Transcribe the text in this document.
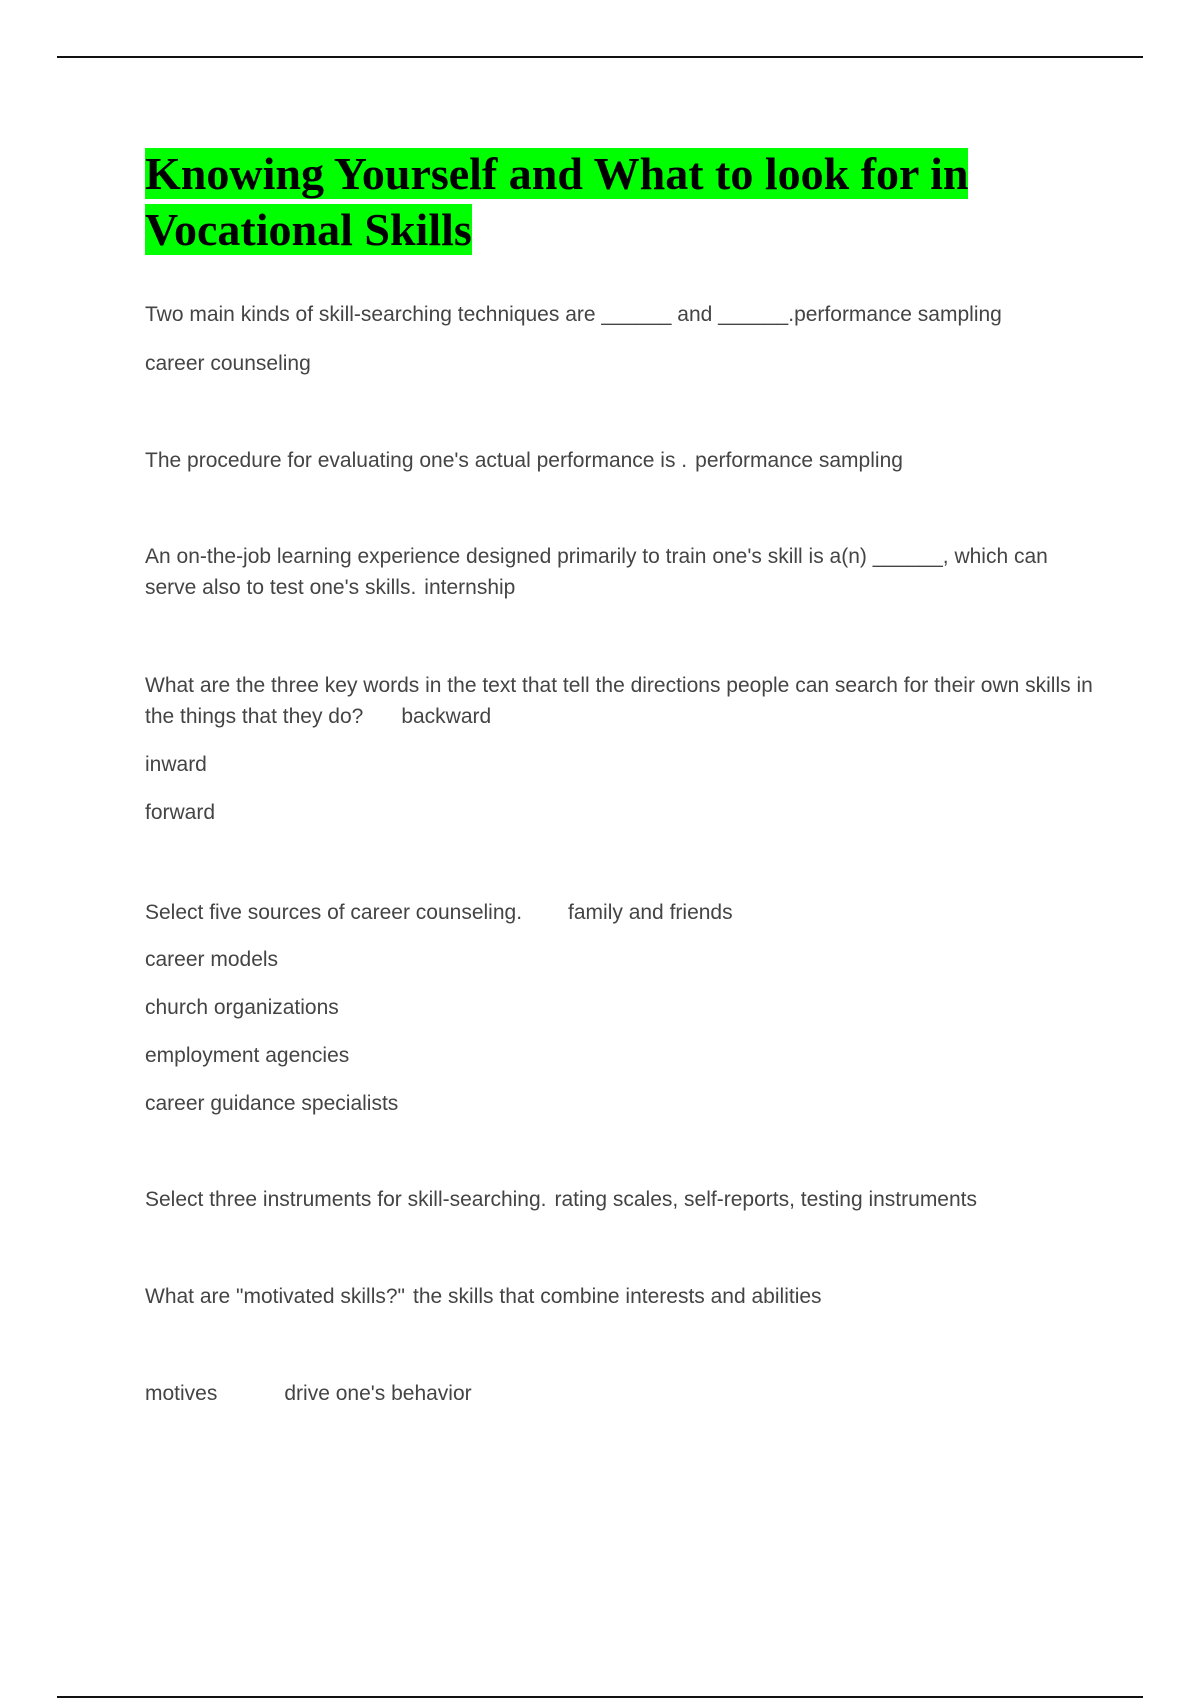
Knowing Yourself and What to look for in Vocational Skills

Two main kinds of skill-searching techniques are ______ and ______.performance sampling

career counseling

The procedure for evaluating one's actual performance is . performance sampling

An on-the-job learning experience designed primarily to train one's skill is a(n) ______, which can serve also to test one's skills. internship

What are the three key words in the text that tell the directions people can search for their own skills in the things that they do? backward

inward

forward

Select five sources of career counseling. family and friends

career models

church organizations

employment agencies

career guidance specialists

Select three instruments for skill-searching. rating scales, self-reports, testing instruments

What are "motivated skills?" the skills that combine interests and abilities

motives	drive one's behavior
